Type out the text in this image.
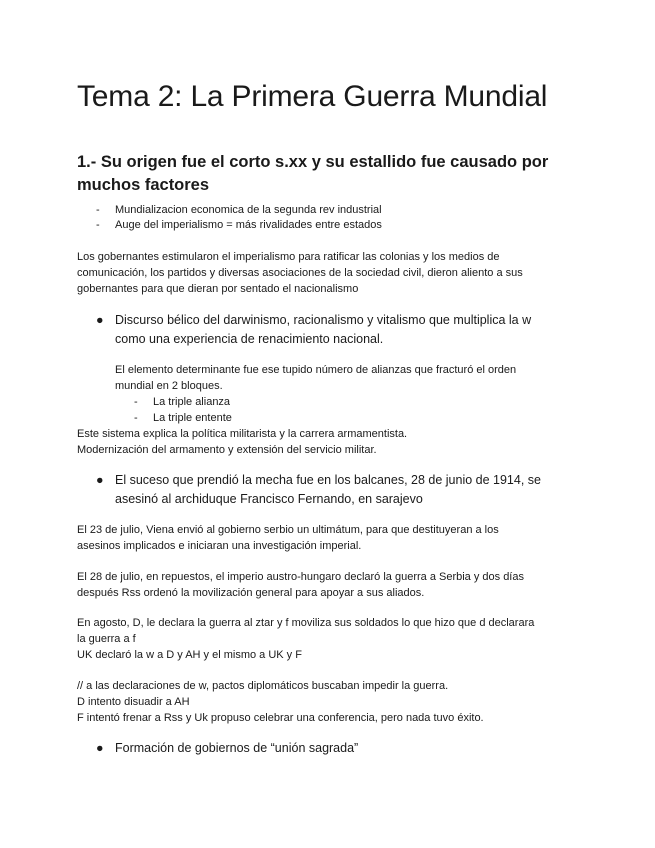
Tema 2: La Primera Guerra Mundial
1.- Su origen fue el corto s.xx y su estallido fue causado por
muchos factores
- Mundializacion economica de la segunda rev industrial
- Auge del imperialismo = más rivalidades entre estados
Los gobernantes estimularon el imperialismo para ratificar las colonias y los medios de
comunicación, los partidos y diversas asociaciones de la sociedad civil, dieron aliento a sus
gobernantes para que dieran por sentado el nacionalismo
● Discurso bélico del darwinismo, racionalismo y vitalismo que multiplica la w
como una experiencia de renacimiento nacional.
El elemento determinante fue ese tupido número de alianzas que fracturó el orden
mundial en 2 bloques.
- La triple alianza
- La triple entente
Este sistema explica la política militarista y la carrera armamentista.
Modernización del armamento y extensión del servicio militar.
● El suceso que prendió la mecha fue en los balcanes, 28 de junio de 1914, se
asesinó al archiduque Francisco Fernando, en sarajevo
El 23 de julio, Viena envió al gobierno serbio un ultimátum, para que destituyeran a los
asesinos implicados e iniciaran una investigación imperial.
El 28 de julio, en repuestos, el imperio austro-hungaro declaró la guerra a Serbia y dos días
después Rss ordenó la movilización general para apoyar a sus aliados.
En agosto, D, le declara la guerra al ztar y f moviliza sus soldados lo que hizo que d declarara
la guerra a f
UK declaró la w a D y AH y el mismo a UK y F
// a las declaraciones de w, pactos diplomáticos buscaban impedir la guerra.
D intento disuadir a AH
F intentó frenar a Rss y Uk propuso celebrar una conferencia, pero nada tuvo éxito.
● Formación de gobiernos de “unión sagrada”
